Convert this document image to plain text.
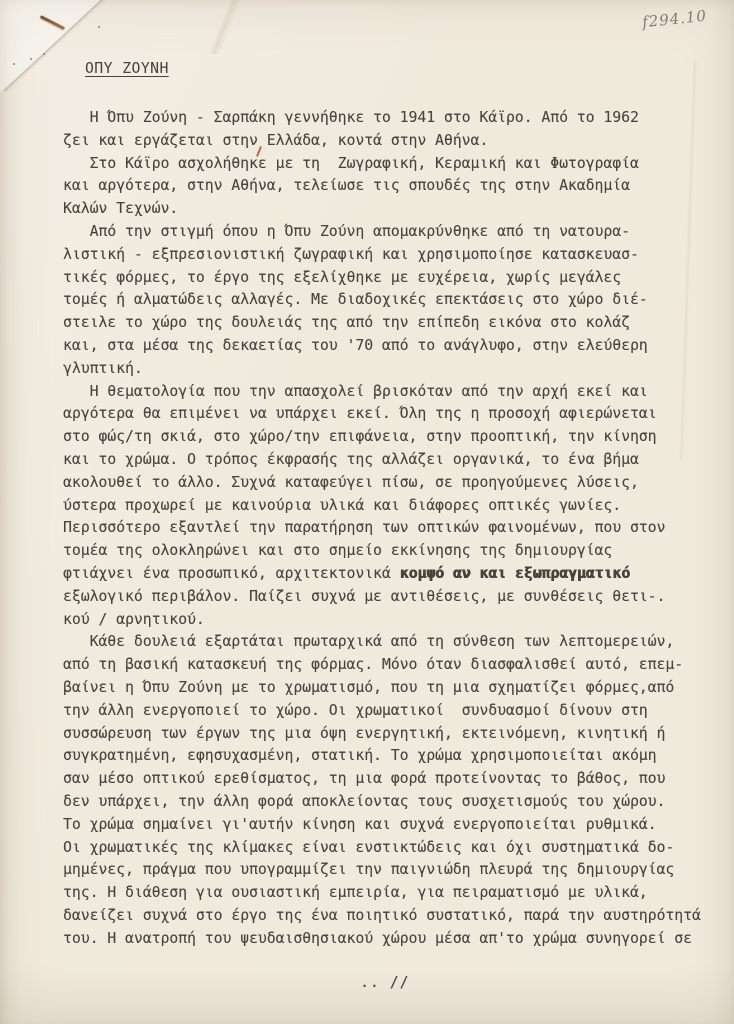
f294.10
ΟΠΥ ΖΟΥΝΗ
Η Όπυ Ζούνη - Σαρπάκη γεννήθηκε το 1941 στο Κάϊρο. Από το 1962
ζει και εργάζεται στην Ελλάδα, κοντά στην Αθήνα.
Στο Κάϊρο ασχολήθηκε με τη  Ζωγραφική, Κεραμική και Φωτογραφία
και αργότερα, στην Αθήνα, τελείωσε τις σπουδές της στην Ακαδημία
Καλών Τεχνών.
Από την στιγμή όπου η Όπυ Ζούνη απομακρύνθηκε από τη νατουρα-
λιστική - εξπρεσιονιστική ζωγραφική και χρησιμοποίησε κατασκευασ-
τικές φόρμες, το έργο της εξελίχθηκε με ευχέρεια, χωρίς μεγάλες
τομές ή αλματώδεις αλλαγές. Με διαδοχικές επεκτάσεις στο χώρο διέ-
στειλε το χώρο της δουλειάς της από την επίπεδη εικόνα στο κολάζ
και, στα μέσα της δεκαετίας του '70 από το ανάγλυφο, στην ελεύθερη
γλυπτική.
Η θεματολογία που την απασχολεί βρισκόταν από την αρχή εκεί και
αργότερα θα επιμένει να υπάρχει εκεί. Όλη της η προσοχή αφιερώνεται
στο φώς/τη σκιά, στο χώρο/την επιφάνεια, στην προοπτική, την κίνηση
και το χρώμα. Ο τρόπος έκφρασής της αλλάζει οργανικά, το ένα βήμα
ακολουθεί το άλλο. Συχνά καταφεύγει πίσω, σε προηγούμενες λύσεις,
ύστερα προχωρεί με καινούρια υλικά και διάφορες οπτικές γωνίες.
Περισσότερο εξαντλεί την παρατήρηση των οπτικών φαινομένων, που στον
τομέα της ολοκληρώνει και στο σημείο εκκίνησης της δημιουργίας
φτιάχνει ένα προσωπικό, αρχιτεκτονικά κομψό αν και εξωπραγματικό
εξωλογικό περιβάλον. Παίζει συχνά με αντιθέσεις, με συνθέσεις θετι-.
κού / αρνητικού.
Κάθε δουλειά εξαρτάται πρωταρχικά από τη σύνθεση των λεπτομερειών,
από τη βασική κατασκευή της φόρμας. Μόνο όταν διασφαλισθεί αυτό, επεμ-
βαίνει η Όπυ Ζούνη με το χρωματισμό, που τη μια σχηματίζει φόρμες,από
την άλλη ενεργοποιεί το χώρο. Οι χρωματικοί  συνδυασμοί δίνουν στη
συσσώρευση των έργων της μια όψη ενεργητική, εκτεινόμενη, κινητική ή
συγκρατημένη, εφησυχασμένη, στατική. Το χρώμα χρησιμοποιείται ακόμη
σαν μέσο οπτικού ερεθίσματος, τη μια φορά προτείνοντας το βάθος, που
δεν υπάρχει, την άλλη φορά αποκλείοντας τους συσχετισμούς του χώρου.
Το χρώμα σημαίνει γι'αυτήν κίνηση και συχνά ενεργοποιείται ρυθμικά.
Οι χρωματικές της κλίμακες είναι ενστικτώδεις και όχι συστηματικά δο-
μημένες, πράγμα που υπογραμμίζει την παιγνιώδη πλευρά της δημιουργίας
της. Η διάθεση για ουσιαστική εμπειρία, για πειραματισμό με υλικά,
δανείζει συχνά στο έργο της ένα ποιητικό συστατικό, παρά την αυστηρότητά
του. Η ανατροπή του ψευδαισθησιακού χώρου μέσα απ'το χρώμα συνηγορεί σε
.. //
